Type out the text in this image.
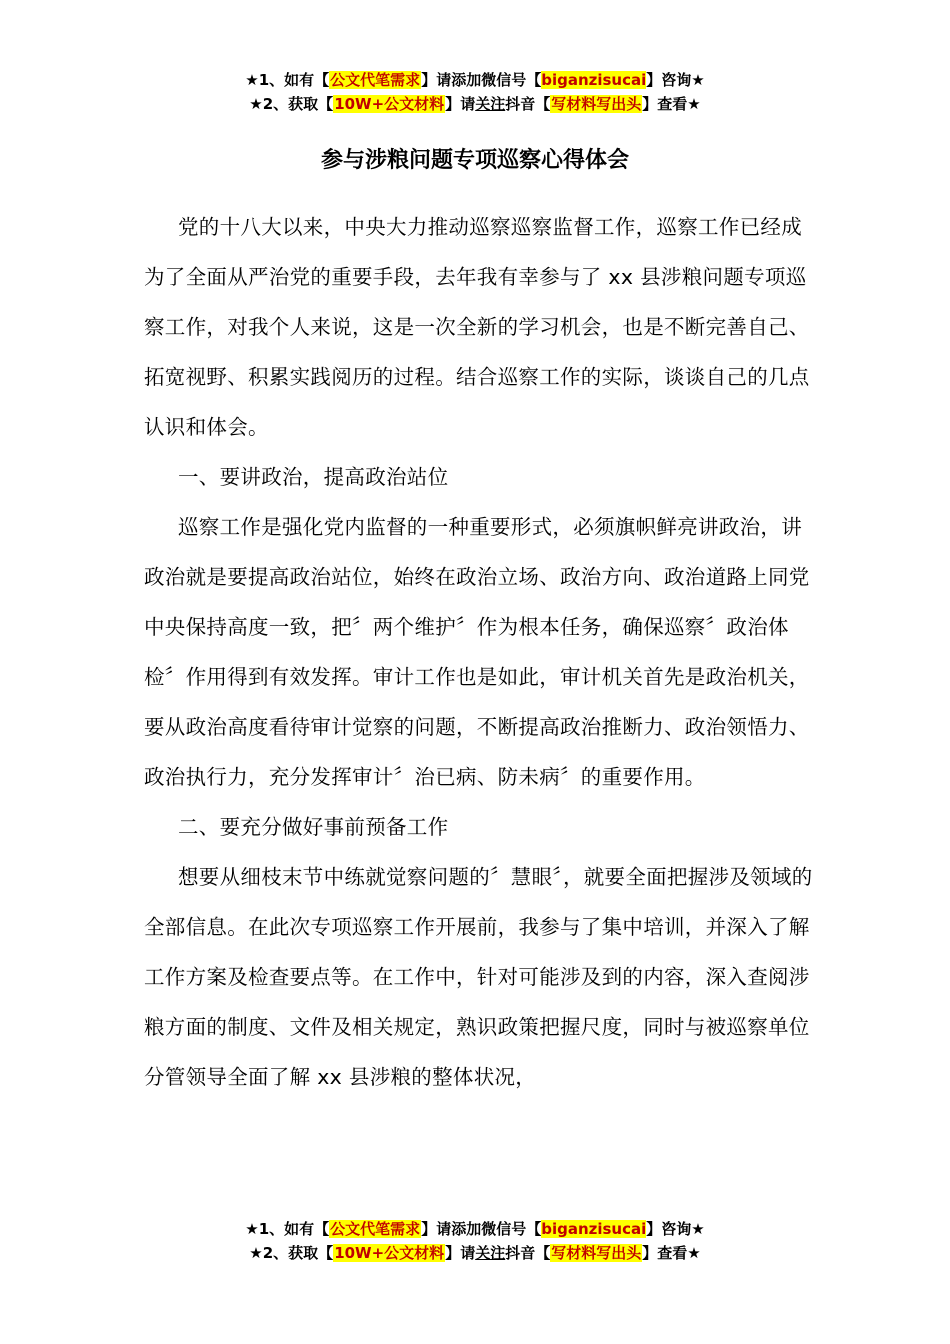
★1、如有【公文代笔需求】请添加微信号【biganzisucai】咨询★
★2、获取【10W+公文材料】请关注抖音【写材料写出头】查看★
参与涉粮问题专项巡察心得体会

党的十八大以来，中央大力推动巡察巡察监督工作，巡察工作已经成为了全面从严治党的重要手段，去年我有幸参与了 xx 县涉粮问题专项巡察工作，对我个人来说，这是一次全新的学习机会，也是不断完善自己、拓宽视野、积累实践阅历的过程。结合巡察工作的实际，谈谈自己的几点认识和体会。

一、要讲政治，提高政治站位

巡察工作是强化党内监督的一种重要形式，必须旗帜鲜亮讲政治，讲政治就是要提高政治站位，始终在政治立场、政治方向、政治道路上同党中央保持高度一致，把〞两个维护〞作为根本任务，确保巡察〞政治体检〞作用得到有效发挥。审计工作也是如此，审计机关首先是政治机关，要从政治高度看待审计觉察的问题，不断提高政治推断力、政治领悟力、政治执行力，充分发挥审计〞治已病、防未病〞的重要作用。

二、要充分做好事前预备工作

想要从细枝末节中练就觉察问题的〞慧眼〞，就要全面把握涉及领域的全部信息。在此次专项巡察工作开展前，我参与了集中培训，并深入了解工作方案及检查要点等。在工作中，针对可能涉及到的内容，深入查阅涉粮方面的制度、文件及相关规定，熟识政策把握尺度，同时与被巡察单位分管领导全面了解 xx 县涉粮的整体状况，

★1、如有【公文代笔需求】请添加微信号【biganzisucai】咨询★
★2、获取【10W+公文材料】请关注抖音【写材料写出头】查看★
